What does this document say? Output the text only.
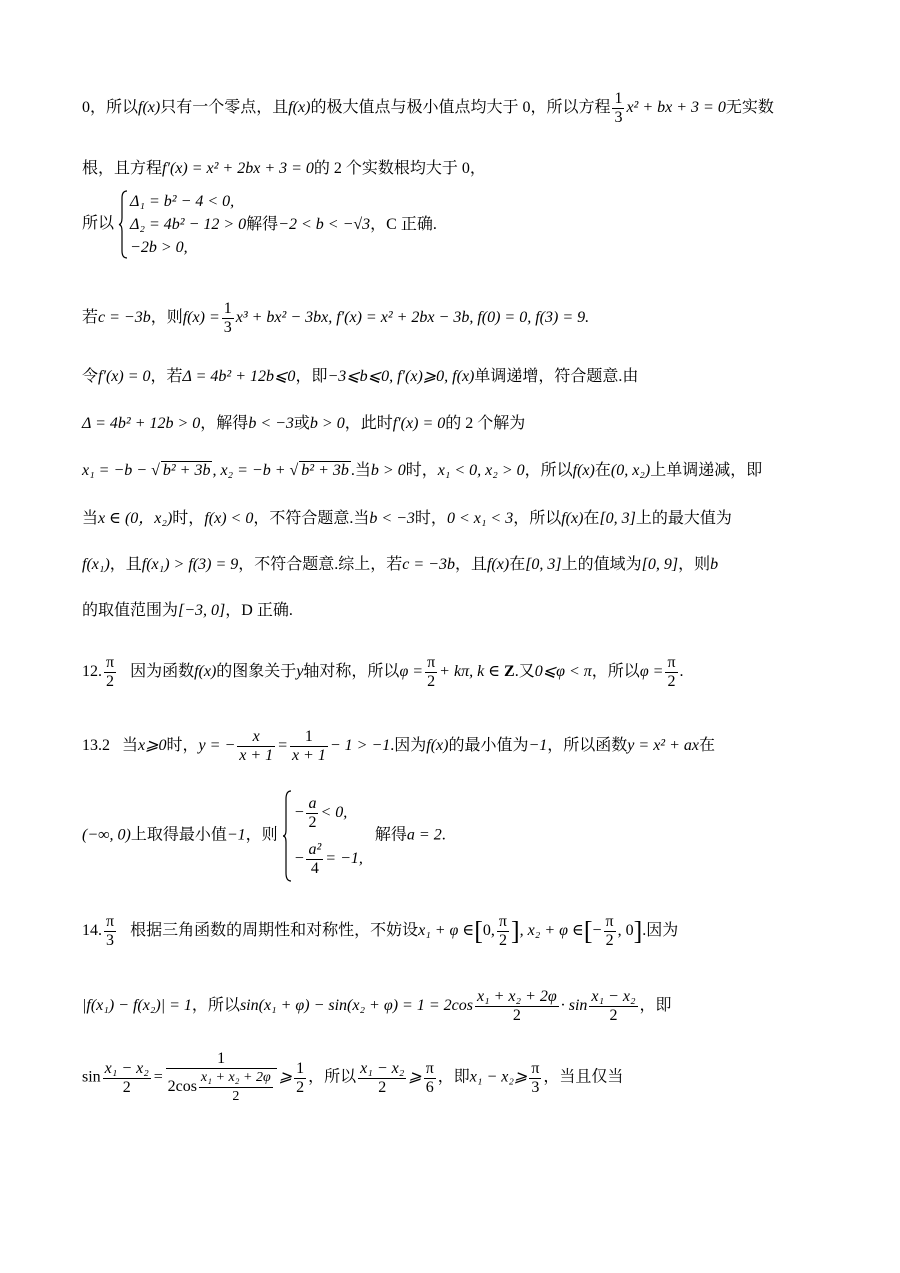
0，所以f(x)只有一个零点，且f(x)的极大值点与极小值点均大于 0，所以方程 $\frac{1}{3} x^2$ + bx + 3 = 0无实数
根，且方程f′(x) = x² + 2bx + 3 = 0的 2 个实数根均大于 0，
所以
Δ₁ = b² − 4 < 0,
Δ₂ = 4b² − 12 > 0解得−2 < b < −√3，C 正确.
−2b > 0,
若c = −3b，则$f(x) = \frac{1}{3} x^3 + bx^2 - 3bx$, f′(x) = x² + 2bx − 3b, f(0) = 0, f(3) = 9.
令f′(x) = 0，若Δ = 4b² + 12b⩽0，即−3⩽b⩽0, f′(x)⩾0, f(x)单调递增，符合题意.由
Δ = 4b² + 12b > 0，解得b < −3或b > 0，此时f′(x) = 0的 2 个解为
x₁ = −b − √ b² + 3b , x₂ = −b + √ b² + 3b .当b > 0时，x₁ < 0, x₂ > 0，所以f(x)在(0, x₂)上单调递减，即
当x ∈ (0，x₂)时，f(x) < 0，不符合题意.当b < −3时，0 < x₁ < 3，所以f(x)在[0, 3]上的最大值为
f(x₁)，且f(x₁) > f(3) = 9，不符合题意.综上，若c = −3b，且f(x)在[0, 3]上的值域为[0, 9]，则b
的取值范围为[−3, 0]，D 正确.
12. $\frac{\pi}{2}$ 因为函数f(x)的图象关于y轴对称，所以$\varphi = \frac{\pi}{2} + k\pi$, k ∈ Z.又0⩽φ < π，所以$\varphi = \frac{\pi}{2}$ .
13.2 当x⩾0时，y = − $\frac{x}{x + 1} = \frac{1}{x + 1} - 1 > -1$.因为f(x)的最小值为−1，所以函数y = x² + ax在
(−∞, 0)上取得最小值−1，则
− $\frac{a}{2} < 0$,
− $\frac{\text{a²}}{4} = -1$,
解得a = 2.
14. $\frac{\pi}{3}$ 根据三角函数的周期性和对称性，不妨设x₁ + φ ∈[0, $\frac{\pi}{2}$ ], x₂ + φ ∈[− $\frac{\pi}{2}$ , 0].因为
|f(x₁) − f(x₂)| = 1，所以$\sin(x_1 + \varphi) - \sin(x_2 + \varphi) = 1 = 2\cos \frac{\text{x₁ + x₂ + 2φ}}{2} \cdot \sin \frac{\text{x₁ − x₂}}{2}$ ，即
$\sin \frac{\text{x₁ − x₂}}{2} = \frac{1}{2\cos \frac{\text{x₁ + x₂ + 2φ}}{2}}$ ⩾ $\frac{1}{2}$ ，所以 $\frac{\text{x₁ − x₂}}{2}$ ⩾ $\frac{\pi}{6}$ ，即x₁ − x₂⩾ $\frac{\pi}{3}$ ，当且仅当
